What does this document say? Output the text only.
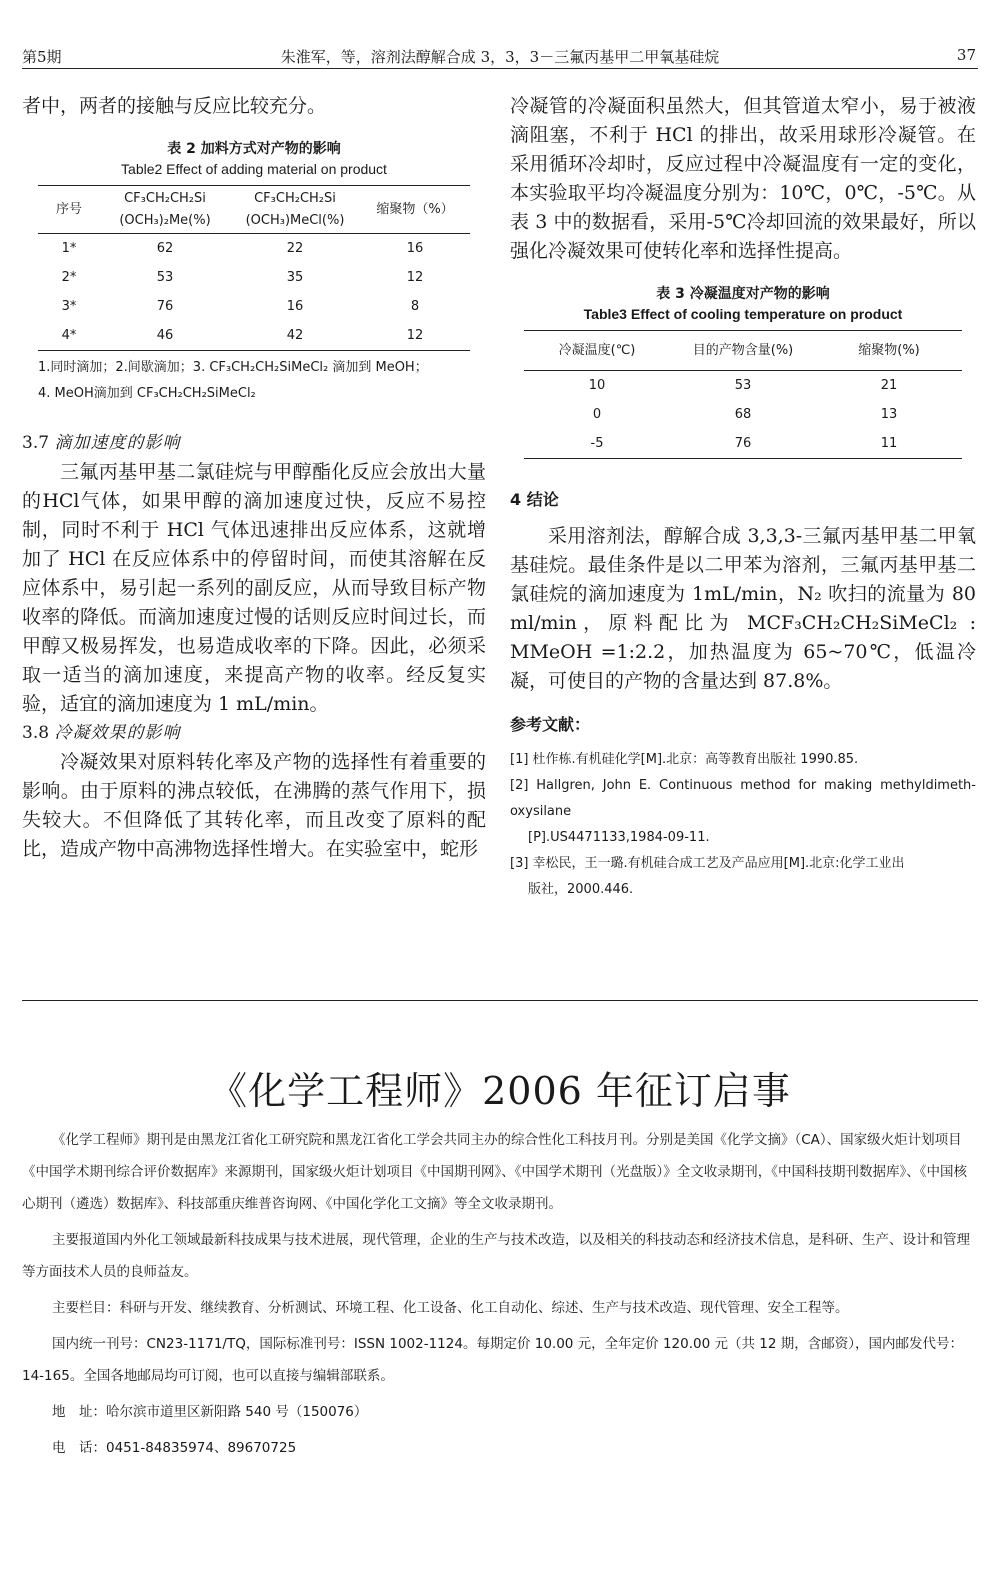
第5期	朱淮军，等，溶剂法醇解合成 3，3，3－三氟丙基甲二甲氧基硅烷	37

者中，两者的接触与反应比较充分。

表 2 加料方式对产物的影响
Table2 Effect of adding material on product
序号	CF₃CH₂CH₂Si (OCH₃)₂Me(%)	CF₃CH₂CH₂Si (OCH₃)MeCl(%)	缩聚物（%）
1*	62	22	16
2*	53	35	12
3*	76	16	8
4*	46	42	12
1.同时滴加；2.间歇滴加；3. CF₃CH₂CH₂SiMeCl₂ 滴加到 MeOH；
4. MeOH滴加到 CF₃CH₂CH₂SiMeCl₂
3.7 滴加速度的影响

三氟丙基甲基二氯硅烷与甲醇酯化反应会放出大量的HCl气体，如果甲醇的滴加速度过快，反应不易控制，同时不利于 HCl 气体迅速排出反应体系，这就增加了 HCl 在反应体系中的停留时间，而使其溶解在反应体系中，易引起一系列的副反应，从而导致目标产物收率的降低。而滴加速度过慢的话则反应时间过长，而甲醇又极易挥发，也易造成收率的下降。因此，必须采取一适当的滴加速度，来提高产物的收率。经反复实验，适宜的滴加速度为 1 mL/min。

3.8 冷凝效果的影响

冷凝效果对原料转化率及产物的选择性有着重要的影响。由于原料的沸点较低，在沸腾的蒸气作用下，损失较大。不但降低了其转化率，而且改变了原料的配比，造成产物中高沸物选择性增大。在实验室中，蛇形

冷凝管的冷凝面积虽然大，但其管道太窄小，易于被液滴阻塞，不利于 HCl 的排出，故采用球形冷凝管。在采用循环冷却时，反应过程中冷凝温度有一定的变化，本实验取平均冷凝温度分别为：10℃，0℃，-5℃。从表 3 中的数据看，采用-5℃冷却回流的效果最好，所以强化冷凝效果可使转化率和选择性提高。

表 3 冷凝温度对产物的影响
Table3 Effect of cooling temperature on product
冷凝温度(℃)	目的产物含量(%)	缩聚物(%)
10	53	21
0	68	13
-5	76	11
4 结论

采用溶剂法，醇解合成 3,3,3-三氟丙基甲基二甲氧基硅烷。最佳条件是以二甲苯为溶剂，三氟丙基甲基二氯硅烷的滴加速度为 1mL/min，N₂ 吹扫的流量为 80 ml/min，原料配比为 MCF₃CH₂CH₂SiMeCl₂ : MMeOH =1:2.2，加热温度为 65~70℃，低温冷凝，可使目的产物的含量达到 87.8%。

参考文献：
[1] 杜作栋.有机硅化学[M].北京：高等教育出版社 1990.85.
[2] Hallgren, John E. Continuous method for making methyldimeth-oxysilane
[P].US4471133,1984-09-11.
[3] 幸松民，王一璐.有机硅合成工艺及产品应用[M].北京:化学工业出
版社，2000.446.
《化学工程师》2006 年征订启事

《化学工程师》期刊是由黑龙江省化工研究院和黑龙江省化工学会共同主办的综合性化工科技月刊。分别是美国《化学文摘》（CA）、国家级火炬计划项目《中国学术期刊综合评价数据库》来源期刊，国家级火炬计划项目《中国期刊网》、《中国学术期刊（光盘版）》全文收录期刊，《中国科技期刊数据库》、《中国核心期刊（遴选）数据库》、科技部重庆维普咨询网、《中国化学化工文摘》等全文收录期刊。

主要报道国内外化工领域最新科技成果与技术进展，现代管理，企业的生产与技术改造，以及相关的科技动态和经济技术信息，是科研、生产、设计和管理等方面技术人员的良师益友。

主要栏目：科研与开发、继续教育、分析测试、环境工程、化工设备、化工自动化、综述、生产与技术改造、现代管理、安全工程等。

国内统一刊号：CN23-1171/TQ，国际标准刊号：ISSN 1002-1124。每期定价 10.00 元，全年定价 120.00 元（共 12 期，含邮资），国内邮发代号：14-165。全国各地邮局均可订阅，也可以直接与编辑部联系。

地　址：哈尔滨市道里区新阳路 540 号（150076）

电　话：0451-84835974、89670725
